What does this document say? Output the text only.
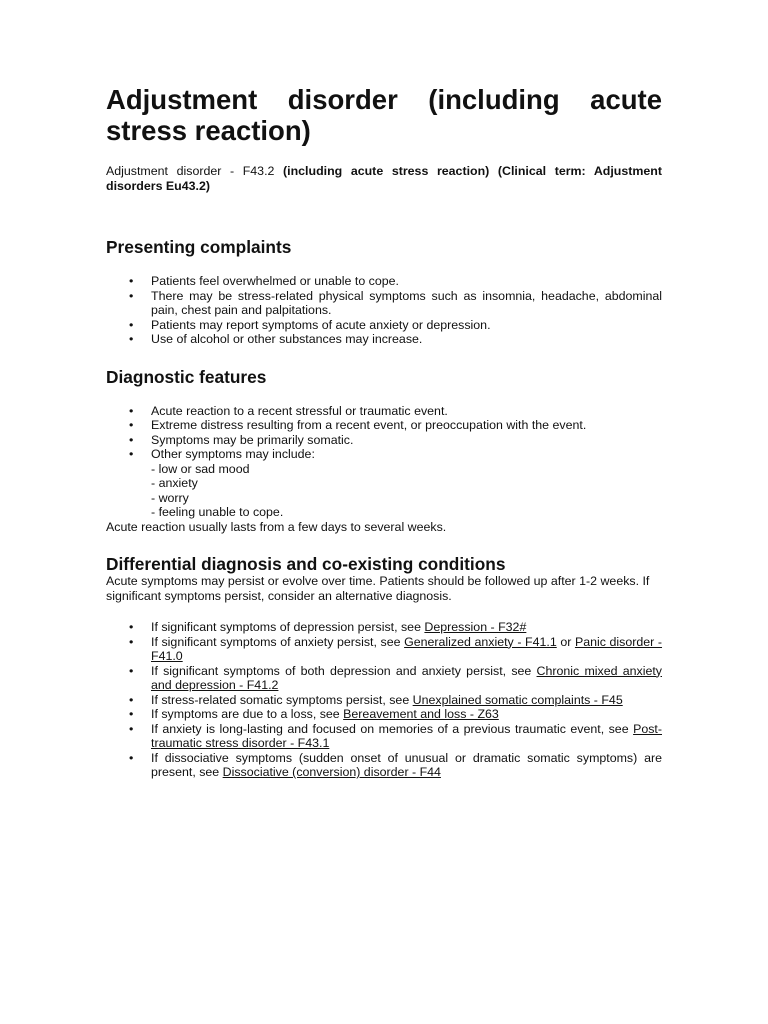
Adjustment disorder (including acute stress reaction)

Adjustment disorder - F43.2 (including acute stress reaction) (Clinical term: Adjustment disorders Eu43.2)

Presenting complaints
• Patients feel overwhelmed or unable to cope.
• There may be stress-related physical symptoms such as insomnia, headache, abdominal pain, chest pain and palpitations.
• Patients may report symptoms of acute anxiety or depression.
• Use of alcohol or other substances may increase.
Diagnostic features
• Acute reaction to a recent stressful or traumatic event.
• Extreme distress resulting from a recent event, or preoccupation with the event.
• Symptoms may be primarily somatic.
• Other symptoms may include:
- low or sad mood
- anxiety
- worry
- feeling unable to cope.

Acute reaction usually lasts from a few days to several weeks.

Differential diagnosis and co-existing conditions

Acute symptoms may persist or evolve over time. Patients should be followed up after 1-2 weeks. If significant symptoms persist, consider an alternative diagnosis.

• If significant symptoms of depression persist, see Depression - F32#
• If significant symptoms of anxiety persist, see Generalized anxiety - F41.1 or Panic disorder - F41.0
• If significant symptoms of both depression and anxiety persist, see Chronic mixed anxiety and depression - F41.2
• If stress-related somatic symptoms persist, see Unexplained somatic complaints - F45
• If symptoms are due to a loss, see Bereavement and loss - Z63
• If anxiety is long-lasting and focused on memories of a previous traumatic event, see Post-traumatic stress disorder - F43.1
• If dissociative symptoms (sudden onset of unusual or dramatic somatic symptoms) are present, see Dissociative (conversion) disorder - F44
